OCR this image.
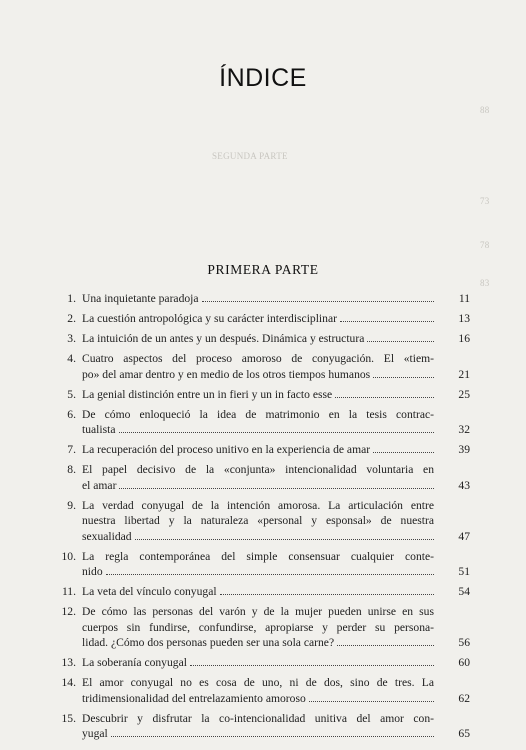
SEGUNDA PARTE
73
78
83
88
ÍNDICE
PRIMERA PARTE
1. Una inquietante paradoja	11
2. La cuestión antropológica y su carácter interdisciplinar	13
3. La intuición de un antes y un después. Dinámica y estructura	16
4. Cuatro aspectos del proceso amoroso de conyugación. El «tiem-
po» del amar dentro y en medio de los otros tiempos humanos	21
5. La genial distinción entre un in fieri y un in facto esse	25
6. De cómo enloqueció la idea de matrimonio en la tesis contrac-
tualista	32
7. La recuperación del proceso unitivo en la experiencia de amar	39
8. El papel decisivo de la «conjunta» intencionalidad voluntaria en
el amar	43
9. La verdad conyugal de la intención amorosa. La articulación entre
nuestra libertad y la naturaleza «personal y esponsal» de nuestra
sexualidad	47
10. La regla contemporánea del simple consensuar cualquier conte-
nido	51
11. La veta del vínculo conyugal	54
12. De cómo las personas del varón y de la mujer pueden unirse en sus
cuerpos sin fundirse, confundirse, apropiarse y perder su persona-
lidad. ¿Cómo dos personas pueden ser una sola carne?	56
13. La soberanía conyugal	60
14. El amor conyugal no es cosa de uno, ni de dos, sino de tres. La
tridimensionalidad del entrelazamiento amoroso	62
15. Descubrir y disfrutar la co-intencionalidad unitiva del amor con-
yugal	65
